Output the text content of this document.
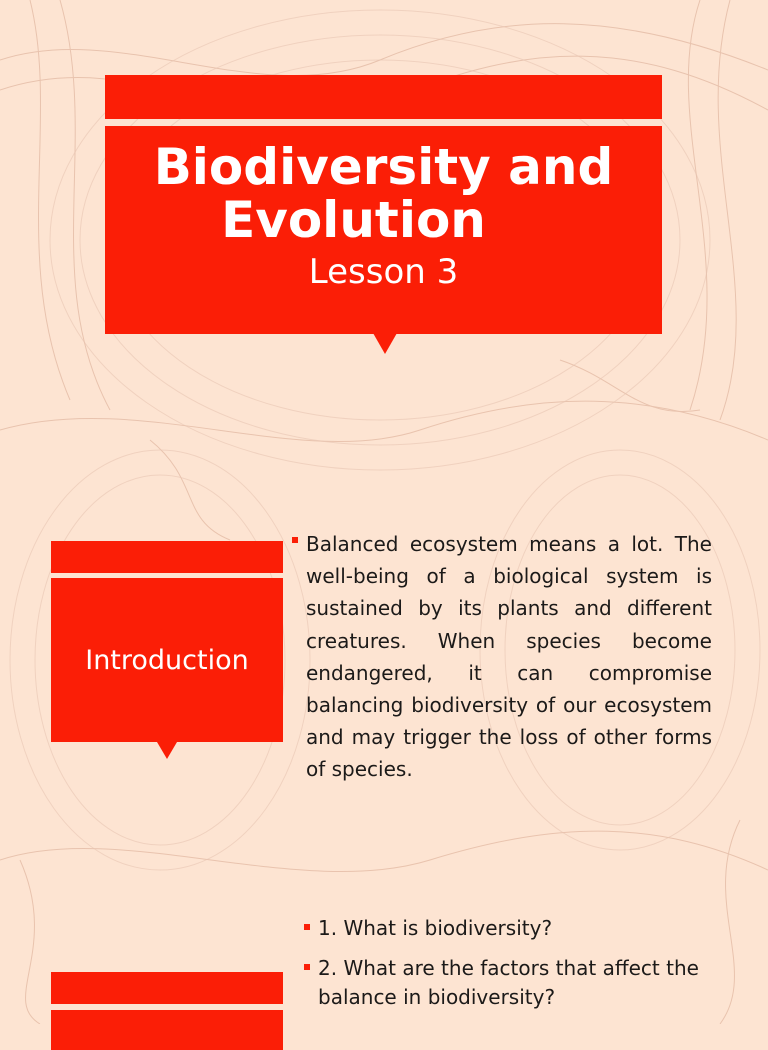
Biodiversity and
Evolution
Lesson 3
Introduction

Balanced ecosystem means a lot. The well-being of a biological system is sustained by its plants and different creatures. When species become endangered, it can compromise balancing biodiversity of our ecosystem and may trigger the loss of other forms of species.

1. What is biodiversity?
2. What are the factors that affect the balance in biodiversity?
